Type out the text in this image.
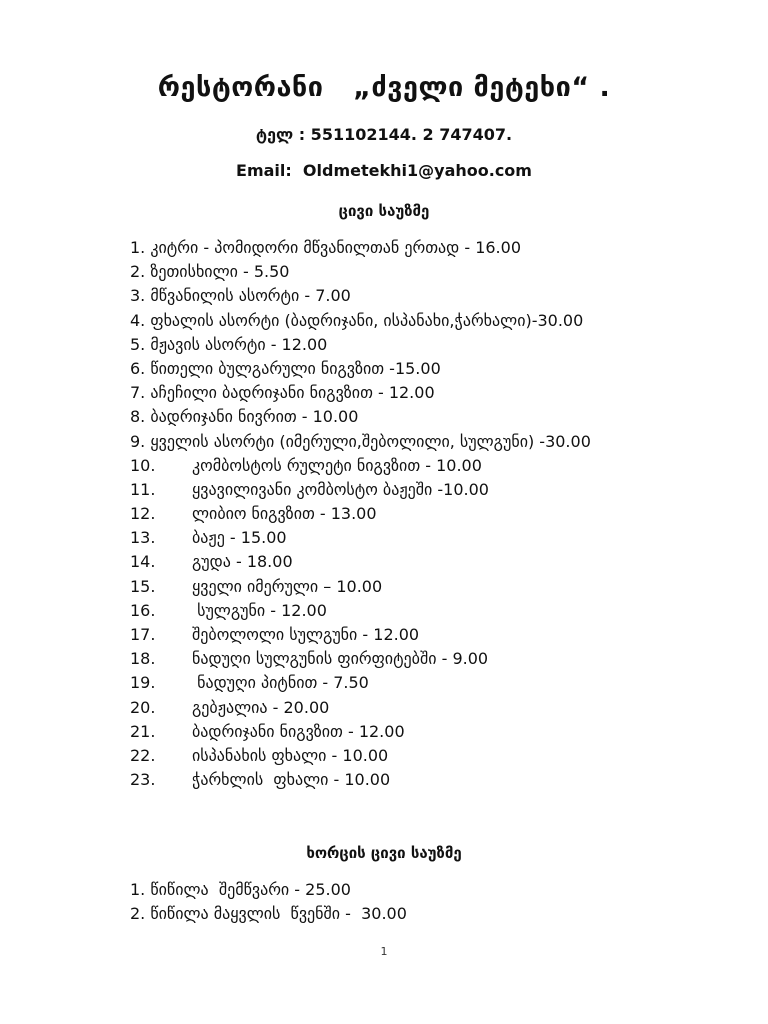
რესტორანი   „ძველი მეტეხი“ .
ტელ : 551102144. 2 747407.
Email:  Oldmetekhi1@yahoo.com
ცივი საუზმე
1. კიტრი - პომიდორი მწვანილთან ერთად - 16.00
2. ზეთისხილი - 5.50
3. მწვანილის ასორტი - 7.00
4. ფხალის ასორტი (ბადრიჯანი, ისპანახი,ჭარხალი)-30.00
5. მჟავის ასორტი - 12.00
6. წითელი ბულგარული ნიგვზით -15.00
7. აჩეჩილი ბადრიჯანი ნიგვზით - 12.00
8. ბადრიჯანი ნივრით - 10.00
9. ყველის ასორტი (იმერული,შებოლილი, სულგუნი) -30.00
10. კომბოსტოს რულეტი ნიგვზით - 10.00
11. ყვავილივანი კომბოსტო ბაჟეში -10.00
12. ლიბიო ნიგვზით - 13.00
13. ბაჟე - 15.00
14. გუდა - 18.00
15. ყველი იმერული – 10.00
16. სულგუნი - 12.00
17. შებოლოლი სულგუნი - 12.00
18. ნადუღი სულგუნის ფირფიტებში - 9.00
19. ნადუღი პიტნით - 7.50
20. გებჟალია - 20.00
21. ბადრიჯანი ნიგვზით - 12.00
22. ისპანახის ფხალი - 10.00
23. ჭარხლის  ფხალი - 10.00
ხორცის ცივი საუზმე
1. წიწილა  შემწვარი - 25.00
2. წიწილა მაყვლის  წვენში -  30.00
1
